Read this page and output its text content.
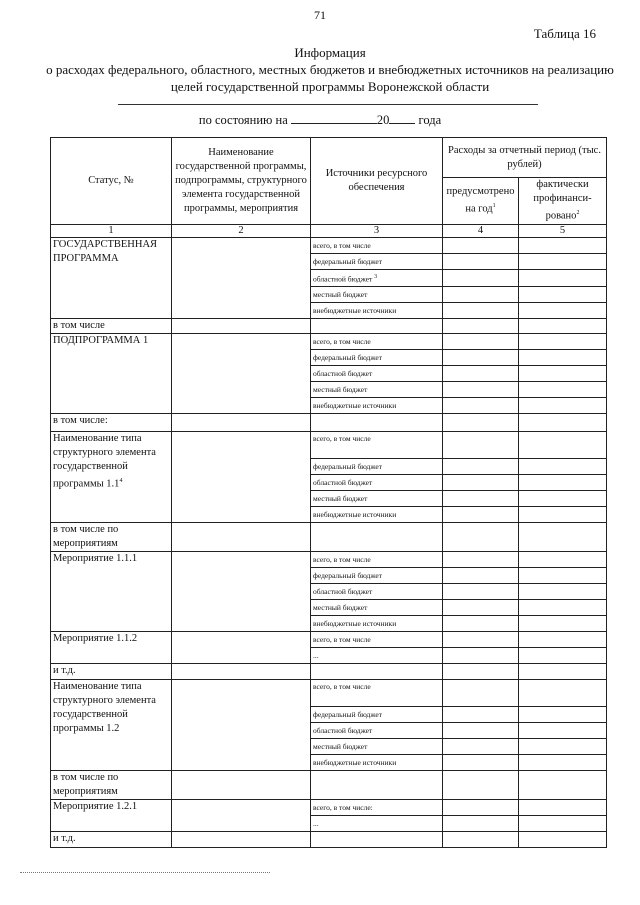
71
Таблица 16
Информация
о расходах федерального, областного, местных бюджетов и внебюджетных источников на реализацию
целей государственной программы Воронежской области
по состоянию на	20 года
Статус, №	Наименование государственной программы, подпрограммы, структурного элемента государственной программы, мероприятия	Источники ресурсного обеспечения	Расходы за отчетный период (тыс. рублей)	
			предусмотрено на год$^1$	фактически профинанси-ровано$^2$
1	2	3	4	5
ГОСУДАРСТВЕННАЯ ПРОГРАММА		всего, в том числе		
		федеральный бюджет		
		областной бюджет $^3$		
		местный бюджет		
		внебюджетные источники		
в том числе				
ПОДПРОГРАММА 1		всего, в том числе		
		федеральный бюджет		
		областной бюджет		
		местный бюджет		
		внебюджетные источники		
в том числе:				
Наименование типа структурного элемента государственной программы $1.1^4$		всего, в том числе		
		федеральный бюджет		
		областной бюджет		
		местный бюджет		
		внебюджетные источники		
в том числе по мероприятиям				
Мероприятие 1.1.1		всего, в том числе		
		федеральный бюджет		
		областной бюджет		
		местный бюджет		
		внебюджетные источники		
Мероприятие 1.1.2		всего, в том числе		
		...		
и т.д.				
Наименование типа структурного элемента государственной программы 1.2		всего, в том числе		
		федеральный бюджет		
		областной бюджет		
		местный бюджет		
		внебюджетные источники		
в том числе по мероприятиям				
Мероприятие 1.2.1		всего, в том числе:		
		...		
и т.д.				
